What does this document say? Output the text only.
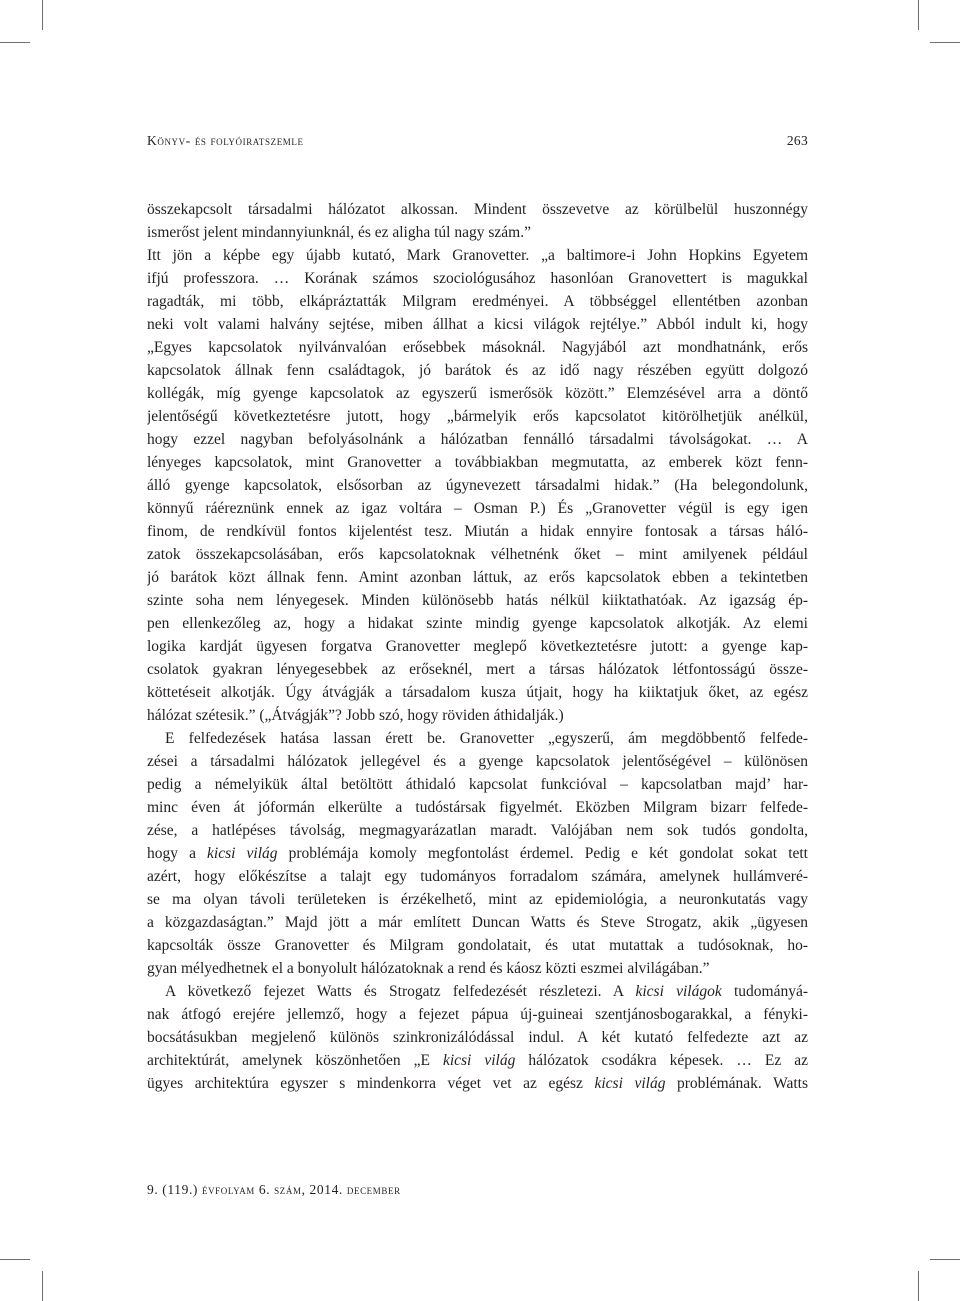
Könyv- és folyóiratszemle	263
összekapcsolt társadalmi hálózatot alkossan. Mindent összevetve az körülbelül huszonnégy
ismerőst jelent mindannyiunknál, és ez aligha túl nagy szám.”
Itt jön a képbe egy újabb kutató, Mark Granovetter. „a baltimore-i John Hopkins Egyetem
ifjú professzora. … Korának számos szociológusához hasonlóan Granovettert is magukkal
ragadták, mi több, elkápráztatták Milgram eredményei. A többséggel ellentétben azonban
neki volt valami halvány sejtése, miben állhat a kicsi világok rejtélye.” Abból indult ki, hogy
„Egyes kapcsolatok nyilvánvalóan erősebbek másoknál. Nagyjából azt mondhatnánk, erős
kapcsolatok állnak fenn családtagok, jó barátok és az idő nagy részében együtt dolgozó
kollégák, míg gyenge kapcsolatok az egyszerű ismerősök között.” Elemzésével arra a döntő
jelentőségű következtetésre jutott, hogy „bármelyik erős kapcsolatot kitörölhetjük anélkül,
hogy ezzel nagyban befolyásolnánk a hálózatban fennálló társadalmi távolságokat. … A
lényeges kapcsolatok, mint Granovetter a továbbiakban megmutatta, az emberek közt fenn-
álló gyenge kapcsolatok, elsősorban az úgynevezett társadalmi hidak.” (Ha belegondolunk,
könnyű ráéreznünk ennek az igaz voltára – Osman P.) És „Granovetter végül is egy igen
finom, de rendkívül fontos kijelentést tesz. Miután a hidak ennyire fontosak a társas háló-
zatok összekapcsolásában, erős kapcsolatoknak vélhetnénk őket – mint amilyenek például
jó barátok közt állnak fenn. Amint azonban láttuk, az erős kapcsolatok ebben a tekintetben
szinte soha nem lényegesek. Minden különösebb hatás nélkül kiiktathatóak. Az igazság ép-
pen ellenkezőleg az, hogy a hidakat szinte mindig gyenge kapcsolatok alkotják. Az elemi
logika kardját ügyesen forgatva Granovetter meglepő következtetésre jutott: a gyenge kap-
csolatok gyakran lényegesebbek az erőseknél, mert a társas hálózatok létfontosságú össze-
köttetéseit alkotják. Úgy átvágják a társadalom kusza útjait, hogy ha kiiktatjuk őket, az egész
hálózat szétesik.” („Átvágják”? Jobb szó, hogy röviden áthidalják.)
E felfedezések hatása lassan érett be. Granovetter „egyszerű, ám megdöbbentő felfede-
zései a társadalmi hálózatok jellegével és a gyenge kapcsolatok jelentőségével – különösen
pedig a némelyikük által betöltött áthidaló kapcsolat funkcióval – kapcsolatban majd’ har-
minc éven át jóformán elkerülte a tudóstársak figyelmét. Eközben Milgram bizarr felfede-
zése, a hatlépéses távolság, megmagyarázatlan maradt. Valójában nem sok tudós gondolta,
hogy a kicsi világ problémája komoly megfontolást érdemel. Pedig e két gondolat sokat tett
azért, hogy előkészítse a talajt egy tudományos forradalom számára, amelynek hullámveré-
se ma olyan távoli területeken is érzékelhető, mint az epidemiológia, a neuronkutatás vagy
a közgazdaságtan.” Majd jött a már említett Duncan Watts és Steve Strogatz, akik „ügyesen
kapcsolták össze Granovetter és Milgram gondolatait, és utat mutattak a tudósoknak, ho-
gyan mélyedhetnek el a bonyolult hálózatoknak a rend és káosz közti eszmei alvilágában.”
A következő fejezet Watts és Strogatz felfedezését részletezi. A kicsi világok tudományá-
nak átfogó erejére jellemző, hogy a fejezet pápua új-guineai szentjánosbogarakkal, a fényki-
bocsátásukban megjelenő különös szinkronizálódással indul. A két kutató felfedezte azt az
architektúrát, amelynek köszönhetően „E kicsi világ hálózatok csodákra képesek. … Ez az
ügyes architektúra egyszer s mindenkorra véget vet az egész kicsi világ problémának. Watts
9. (119.) évfolyam 6. szám, 2014. december
